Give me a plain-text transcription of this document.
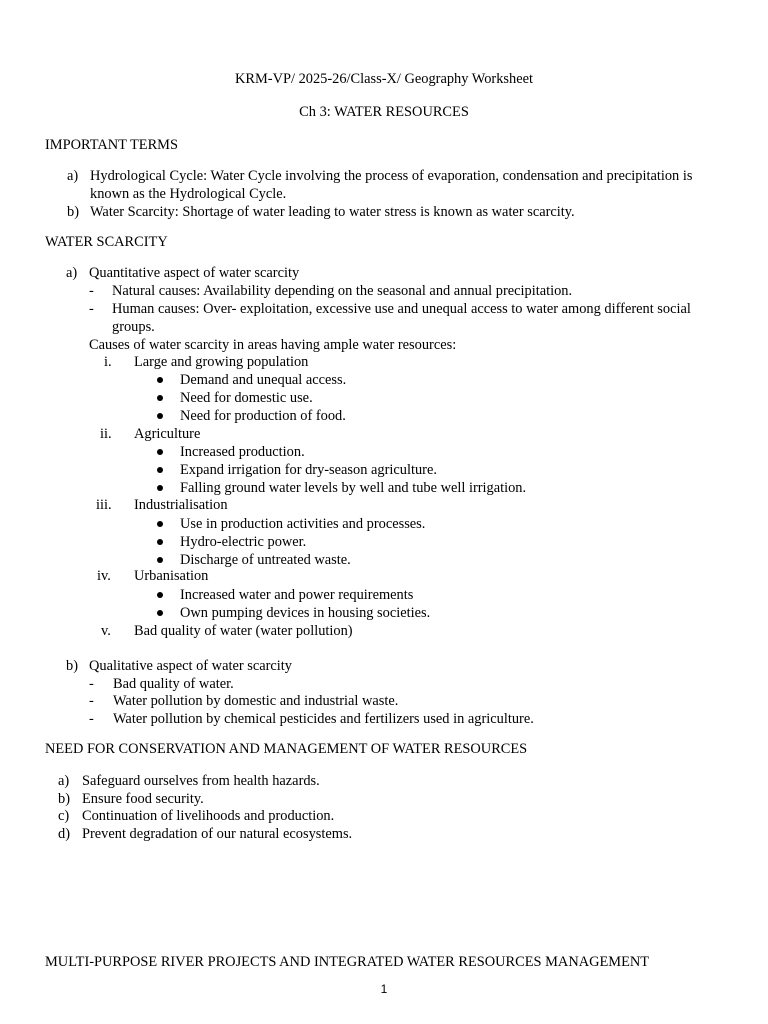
KRM-VP/ 2025-26/Class-X/ Geography Worksheet
Ch 3: WATER RESOURCES
IMPORTANT TERMS
a) Hydrological Cycle: Water Cycle involving the process of evaporation, condensation and precipitation is
known as the Hydrological Cycle.
b) Water Scarcity: Shortage of water leading to water stress is known as water scarcity.
WATER SCARCITY
a) Quantitative aspect of water scarcity
- Natural causes: Availability depending on the seasonal and annual precipitation.
- Human causes: Over- exploitation, excessive use and unequal access to water among different social
groups.
Causes of water scarcity in areas having ample water resources:
i. Large and growing population
Demand and unequal access.
Need for domestic use.
Need for production of food.
ii. Agriculture
Increased production.
Expand irrigation for dry-season agriculture.
Falling ground water levels by well and tube well irrigation.
iii. Industrialisation
Use in production activities and processes.
Hydro-electric power.
Discharge of untreated waste.
iv. Urbanisation
Increased water and power requirements
Own pumping devices in housing societies.
v. Bad quality of water (water pollution)
b) Qualitative aspect of water scarcity
- Bad quality of water.
- Water pollution by domestic and industrial waste.
- Water pollution by chemical pesticides and fertilizers used in agriculture.
NEED FOR CONSERVATION AND MANAGEMENT OF WATER RESOURCES
a) Safeguard ourselves from health hazards.
b) Ensure food security.
c) Continuation of livelihoods and production.
d) Prevent degradation of our natural ecosystems.
MULTI-PURPOSE RIVER PROJECTS AND INTEGRATED WATER RESOURCES MANAGEMENT
1
